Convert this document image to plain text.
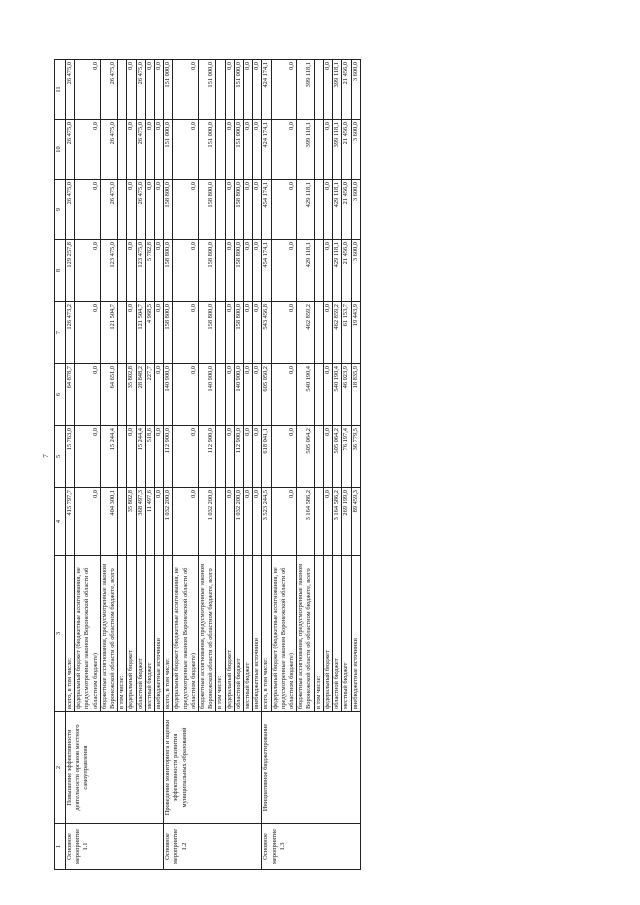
7
1	2	3	4	5	6	7	8	9	10	11
Основное мероприятие 1.1	Повышение эффективности деятельности органов местного самоуправления	всего, в том числе:	415 797,7	15 763,0	64 878,7	126 473,2	129 257,8	26 475,0	26 475,0	26 475,0
		федеральный бюджет (бюджетные ассигнования, не предусмотренные законом Воронежской области об областном бюджете)	0,0	0,0	0,0	0,0	0,0	0,0	0,0	0,0
		бюджетные ассигнования, предусмотренные законом Воронежской области об областном бюджете, всего	404 300,1	15 244,4	64 651,0	121 504,7	123 475,0	26 475,0	26 475,0	26 475,0
		в том числе:								
		федеральный бюджет	35 802,8	0,0	35 802,8	0,0	0,0	0,0	0,0	0,0
		областной бюджет	368 497,3	15 244,4	28 848,2	121 504,7	123 475,0	26 475,0	26 475,0	26 475,0
		местный бюджет	11 497,6	518,6	227,7	4 968,5	5 782,8	0,0	0,0	0,0
		внебюджетные источники	0,0	0,0	0,0	0,0	0,0	0,0	0,0	0,0
Основное мероприятие 1.2	Проведение мониторинга и оценки эффективности развития муниципальных образований	всего, в том числе:	1 032 200,0	112 900,0	140 900,0	158 800,0	158 800,0	158 800,0	151 000,0	151 000,0
		федеральный бюджет (бюджетные ассигнования, не предусмотренные законом Воронежской области об областном бюджете)	0,0	0,0	0,0	0,0	0,0	0,0	0,0	0,0
		бюджетные ассигнования, предусмотренные законом Воронежской области об областном бюджете, всего	1 032 200,0	112 900,0	140 900,0	158 800,0	158 800,0	158 800,0	151 000,0	151 000,0
		в том числе:								
		федеральный бюджет	0,0	0,0	0,0	0,0	0,0	0,0	0,0	0,0
		областной бюджет	1 032 200,0	112 900,0	140 900,0	158 800,0	158 800,0	158 800,0	151 000,0	151 000,0
		местный бюджет	0,0	0,0	0,0	0,0	0,0	0,0	0,0	0,0
		внебюджетные источники	0,0	0,0	0,0	0,0	0,0	0,0	0,0	0,0
Основное мероприятие 1.3	Инициативное бюджетирование	всего, в том числе:	3 523 244,5	618 041,1	605 050,2	543 456,8	454 174,1	454 174,1	424 174,1	424 174,1
		федеральный бюджет (бюджетные ассигнования, не предусмотренные законом Воронежской области об областном бюджете)	0,0	0,0	0,0	0,0	0,0	0,0	0,0	0,0
		бюджетные ассигнования, предусмотренные законом Воронежской области об областном бюджете, всего	3 164 586,2	505 064,2	540 190,4	462 859,2	429 118,1	429 118,1	399 118,1	399 118,1
		в том числе:								
		федеральный бюджет	0,0	0,0	0,0	0,0	0,0	0,0	0,0	0,0
		областной бюджет	3 164 586,2	505 064,2	540 190,4	462 859,2	429 118,1	429 118,1	399 118,1	399 118,1
		местный бюджет	269 199,0	76 197,4	46 023,9	61 153,7	21 456,0	21 456,0	21 456,0	21 456,0
		внебюджетные источники	89 459,3	36 779,5	18 835,9	19 443,9	3 600,0	3 600,0	3 600,0	3 600,0
